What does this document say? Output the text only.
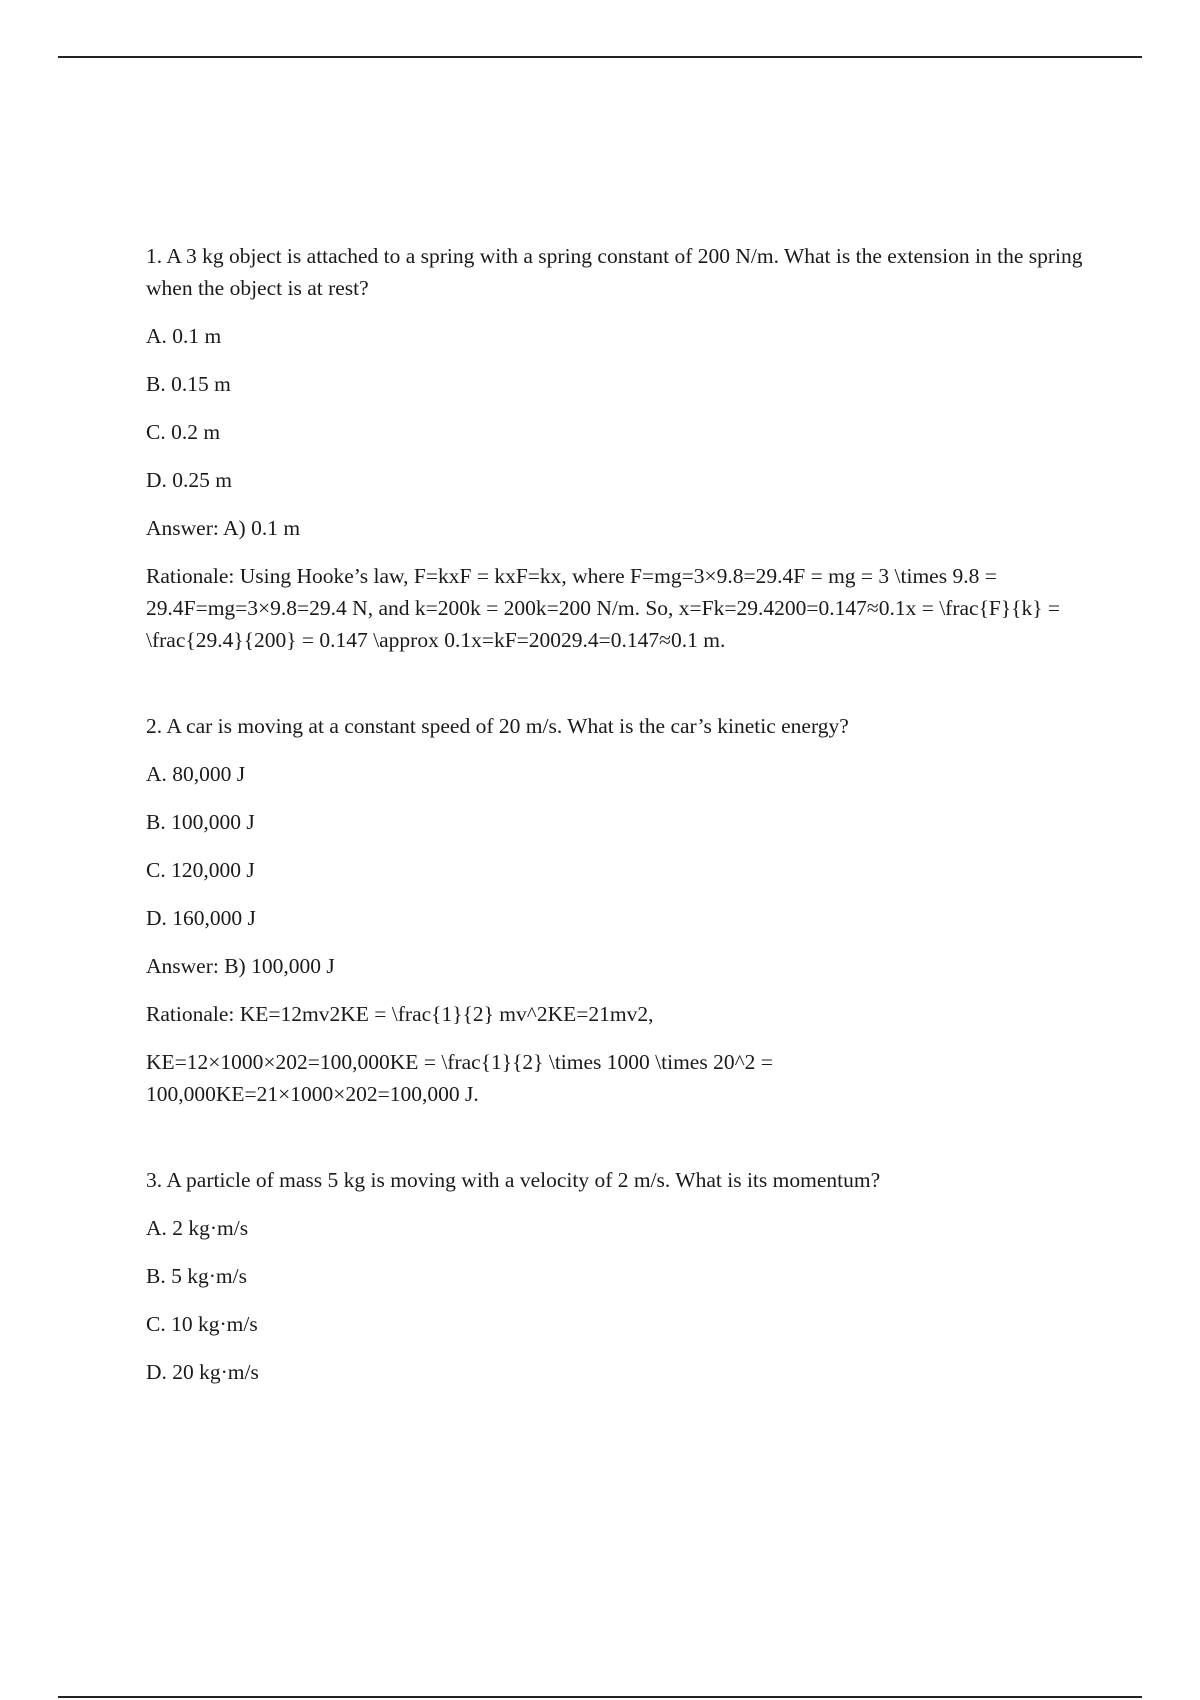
1. A 3 kg object is attached to a spring with a spring constant of 200 N/m. What is the extension in the spring when the object is at rest?

A. 0.1 m

B. 0.15 m

C. 0.2 m

D. 0.25 m

Answer: A) 0.1 m

Rationale: Using Hooke’s law, F=kxF = kxF=kx, where F=mg=3×9.8=29.4F = mg = 3 \times 9.8 = 29.4F=mg=3×9.8=29.4 N, and k=200k = 200k=200 N/m. So, x=Fk=29.4200=0.147≈0.1x = \frac{F}{k} = \frac{29.4}{200} = 0.147 \approx 0.1x=kF=20029.4=0.147≈0.1 m.

2. A car is moving at a constant speed of 20 m/s. What is the car’s kinetic energy?

A. 80,000 J

B. 100,000 J

C. 120,000 J

D. 160,000 J

Answer: B) 100,000 J

Rationale: KE=12mv2KE = \frac{1}{2} mv^2KE=21mv2,

KE=12×1000×202=100,000KE = \frac{1}{2} \times 1000 \times 20^2 = 100,000KE=21×1000×202=100,000 J.

3. A particle of mass 5 kg is moving with a velocity of 2 m/s. What is its momentum?

A. 2 kg·m/s

B. 5 kg·m/s

C. 10 kg·m/s

D. 20 kg·m/s
